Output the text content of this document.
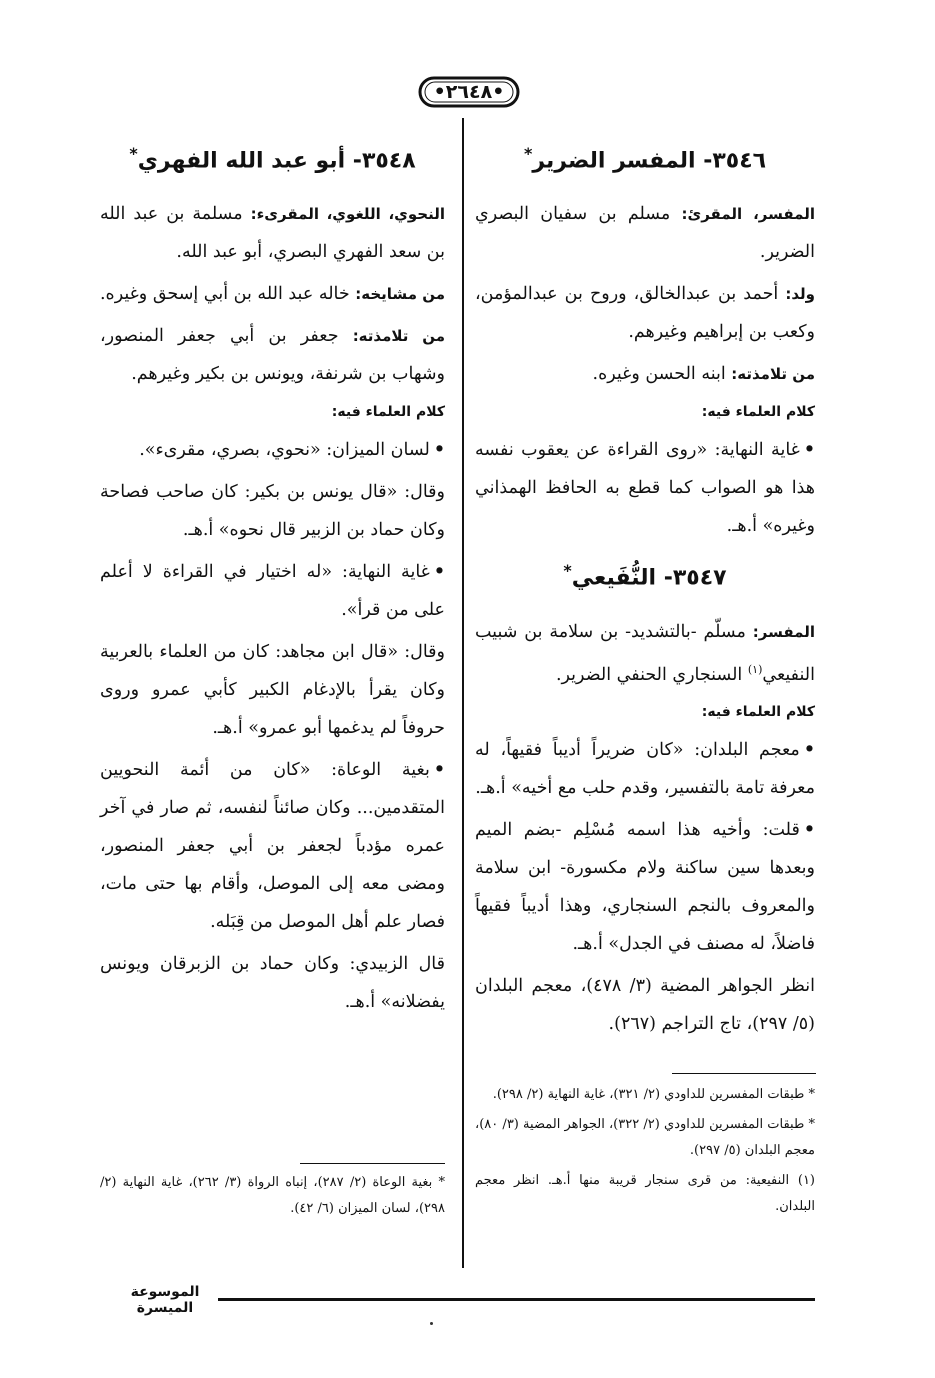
•٢٦٤٨•
٣٥٤٦- المفسر الضرير*

المفسر، المقرئ: مسلم بن سفيان البصري الضرير.

ولد: أحمد بن عبدالخالق، وروح بن عبدالمؤمن، وكعب بن إبراهيم وغيرهم.

من تلامذته: ابنه الحسن وغيره.

كلام العلماء فيه:

•غاية النهاية: «روى القراءة عن يعقوب نفسه هذا هو الصواب كما قطع به الحافظ الهمذاني وغيره» أ.هـ.

٣٥٤٧- النُّفَيعي*

المفسر: مسلّم -بالتشديد- بن سلامة بن شبيب النفيعي$^{(١)}$ السنجاري الحنفي الضرير.

كلام العلماء فيه:

•معجم البلدان: «كان ضريراً أديباً فقيهاً، له معرفة تامة بالتفسير، وقدم حلب مع أخيه» أ.هـ.

•قلت: وأخيه هذا اسمه مُسْلِم -بضم الميم وبعدها سين ساكنة ولام مكسورة- ابن سلامة والمعروف بالنجم السنجاري، وهذا أديباً فقيهاً فاضلاً، له مصنف في الجدل» أ.هـ.

انظر الجواهر المضية (٣/ ٤٧٨)، معجم البلدان (٥/ ٢٩٧)، تاج التراجم (٢٦٧).

* طبقات المفسرين للداودي (٢/ ٣٢١)، غاية النهاية (٢/ ٢٩٨).

* طبقات المفسرين للداودي (٢/ ٣٢٢)، الجواهر المضية (٣/ ٨٠)، معجم البلدان (٥/ ٢٩٧).

(١) النفيعية: من قرى سنجار قريبة منها أ.هـ. انظر معجم البلدان.

٣٥٤٨- أبو عبد الله الفهري*

النحوي، اللغوي، المقرىء: مسلمة بن عبد الله بن سعد الفهري البصري، أبو عبد الله.

من مشايخه: خاله عبد الله بن أبي إسحق وغيره.

من تلامذته: جعفر بن أبي جعفر المنصور، وشهاب بن شرنفة، ويونس بن بكير وغيرهم.

كلام العلماء فيه:

•لسان الميزان: «نحوي، بصري، مقرىء».

وقال: «قال يونس بن بكير: كان صاحب فصاحة وكان حماد بن الزبير قال نحوه» أ.هـ.

•غاية النهاية: «له اختيار في القراءة لا أعلم على من قرأ».

وقال: «قال ابن مجاهد: كان من العلماء بالعربية وكان يقرأ بالإدغام الكبير كأبي عمرو وروى حروفاً لم يدغمها أبو عمرو» أ.هـ.

•بغية الوعاة: «كان من أئمة النحويين المتقدمين... وكان صائناً لنفسه، ثم صار في آخر عمره مؤدباً لجعفر بن أبي جعفر المنصور، ومضى معه إلى الموصل، وأقام بها حتى مات، فصار علم أهل الموصل من قِبَله.

قال الزبيدي: وكان حماد بن الزبرقان ويونس يفضلانه» أ.هـ.

* بغية الوعاة (٢/ ٢٨٧)، إنباه الرواة (٣/ ٢٦٢)، غاية النهاية (٢/ ٢٩٨)، لسان الميزان (٦/ ٤٢).

الموسوعة الميسرة
